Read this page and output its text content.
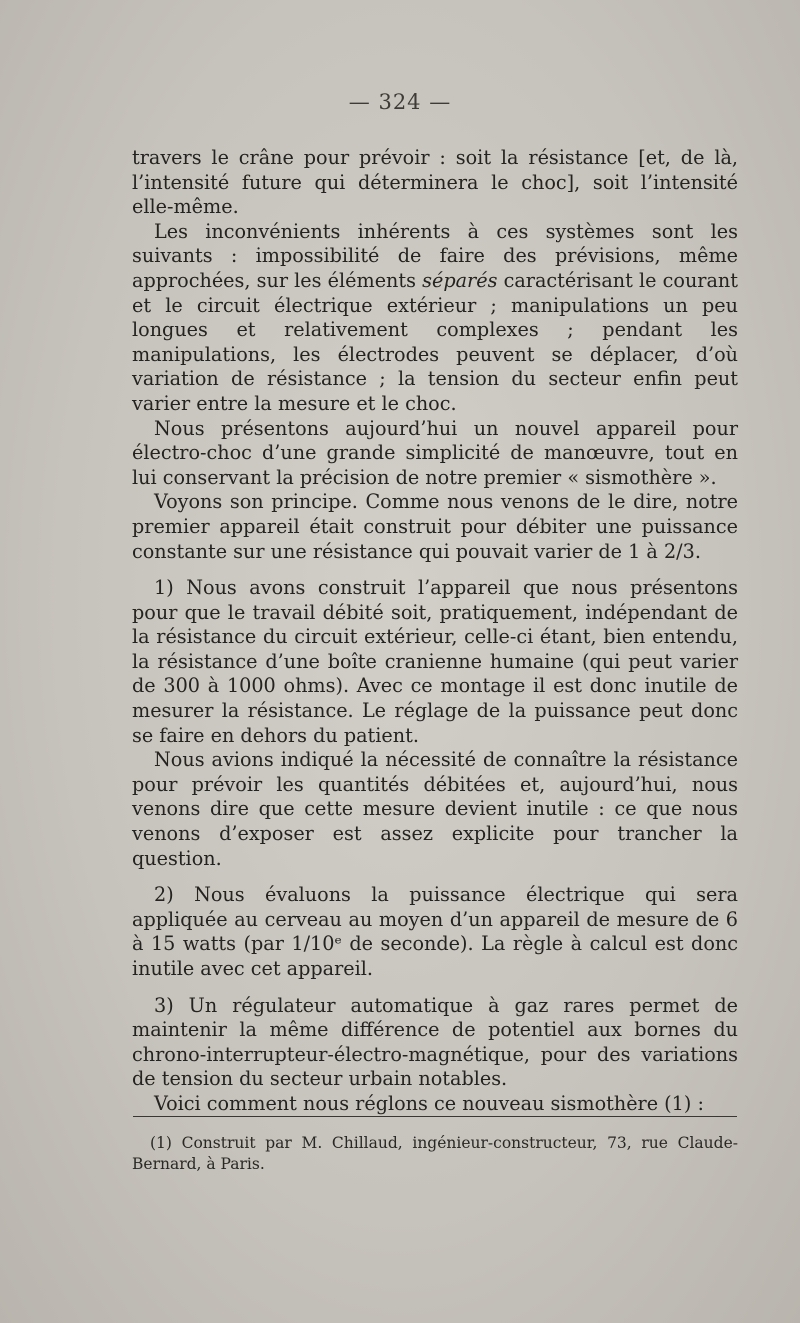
— 324 —

travers le crâne pour prévoir : soit la résistance [et, de là, l’intensité future qui déterminera le choc], soit l’intensité elle-même.

Les inconvénients inhérents à ces systèmes sont les suivants : impossibilité de faire des prévisions, même approchées, sur les éléments séparés caractérisant le courant et le circuit électrique extérieur ; manipulations un peu longues et relativement complexes ; pendant les manipulations, les électrodes peuvent se déplacer, d’où variation de résistance ; la tension du secteur enfin peut varier entre la mesure et le choc.

Nous présentons aujourd’hui un nouvel appareil pour électro-choc d’une grande simplicité de manœuvre, tout en lui conservant la précision de notre premier « sismothère ».

Voyons son principe. Comme nous venons de le dire, notre premier appareil était construit pour débiter une puissance constante sur une résistance qui pouvait varier de 1 à 2/3.

1) Nous avons construit l’appareil que nous présentons pour que le travail débité soit, pratiquement, indépendant de la résistance du circuit extérieur, celle-ci étant, bien entendu, la résistance d’une boîte cranienne humaine (qui peut varier de 300 à 1000 ohms). Avec ce montage il est donc inutile de mesurer la résistance. Le réglage de la puissance peut donc se faire en dehors du patient.

Nous avions indiqué la nécessité de connaître la résistance pour prévoir les quantités débitées et, aujourd’hui, nous venons dire que cette mesure devient inutile : ce que nous venons d’exposer est assez explicite pour trancher la question.

2) Nous évaluons la puissance électrique qui sera appliquée au cerveau au moyen d’un appareil de mesure de 6 à 15 watts (par 1/10ᵉ de seconde). La règle à calcul est donc inutile avec cet appareil.

3) Un régulateur automatique à gaz rares permet de maintenir la même différence de potentiel aux bornes du chrono-interrupteur-électro-magnétique, pour des variations de tension du secteur urbain notables.

Voici comment nous réglons ce nouveau sismothère (1) :

(1) Construit par M. Chillaud, ingénieur-constructeur, 73, rue Claude-Bernard, à Paris.
